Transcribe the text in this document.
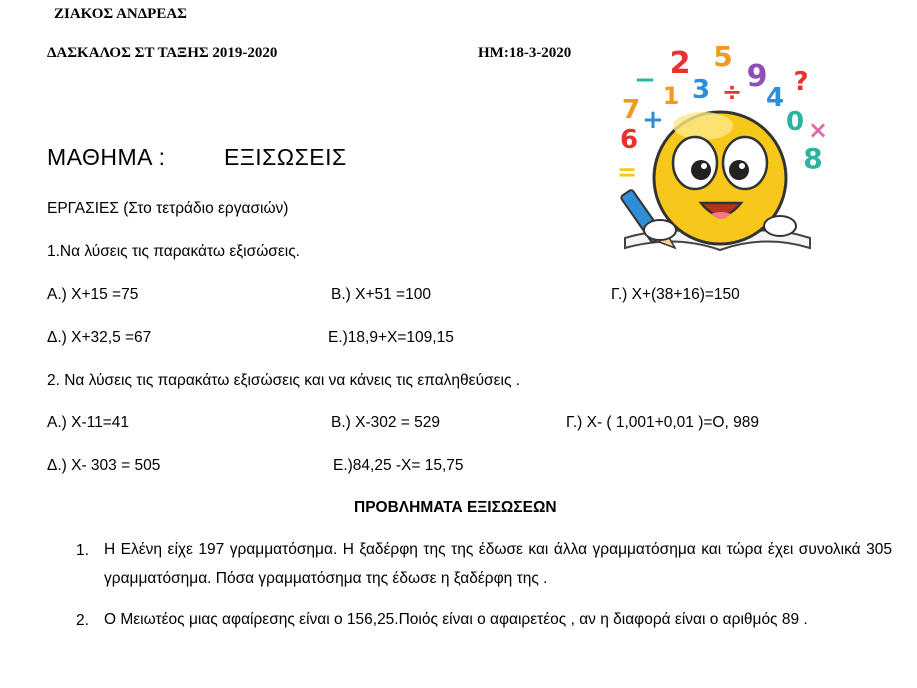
ΖΙΑΚΟΣ ΑΝΔΡΕΑΣ
ΔΑΣΚΑΛΟΣ ΣΤ ΤΑΞΗΣ 2019-2020	ΗΜ:18-3-2020
ΜΑΘΗΜΑ :	ΕΞΙΣΩΣΕΙΣ
ΕΡΓΑΣΙΕΣ (Στο τετράδιο εργασιών)
1.Να λύσεις τις παρακάτω εξισώσεις.
Α.) Χ+15 =75	Β.) Χ+51 =100	Γ.) Χ+(38+16)=150
Δ.) Χ+32,5 =67	Ε.)18,9+Χ=109,15
2. Να λύσεις τις παρακάτω εξισώσεις και να κάνεις τις επαληθεύσεις .
Α.) Χ-11=41	Β.) Χ-302 = 529	Γ.) Χ- ( 1,001+0,01 )=Ο, 989
Δ.) Χ- 303 = 505	Ε.)84,25 -Χ= 15,75
ΠΡΟΒΛΗΜΑΤΑ ΕΞΙΣΩΣΕΩΝ
1. Η Ελένη είχε 197 γραμματόσημα. Η ξαδέρφη της της έδωσε και άλλα γραμματόσημα και τώρα έχει συνολικά 305 γραμματόσημα. Πόσα γραμματόσημα της έδωσε η ξαδέρφη της .
2. Ο Μειωτέος μιας αφαίρεσης είναι ο 156,25.Ποιός είναι ο αφαιρετέος , αν η διαφορά είναι ο αριθμός 89 .
2 5
9
4
?
3 ÷
1
7
−
+
6
0 ×
8
=
